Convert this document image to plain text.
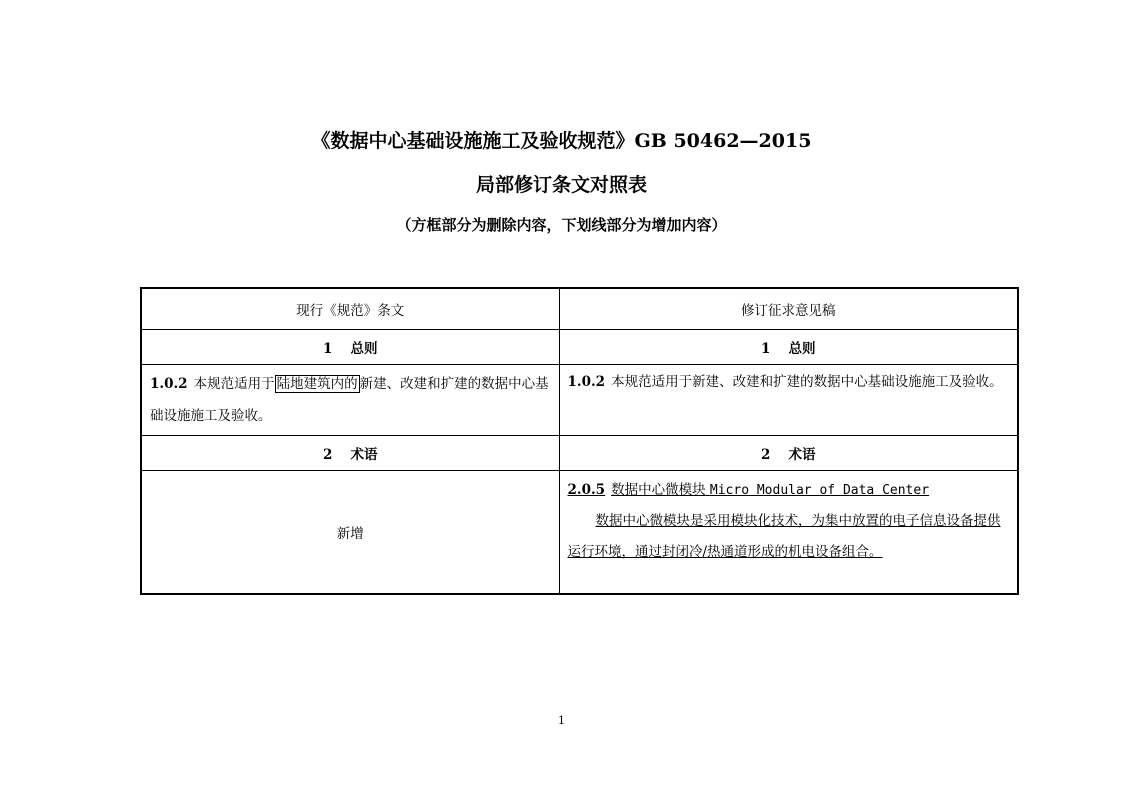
《数据中心基础设施施工及验收规范》GB 50462—2015
局部修订条文对照表
（方框部分为删除内容，下划线部分为增加内容）
现行《规范》条文	修订征求意见稿
1 总则	1 总则
1.0.2 本规范适用于 陆地建筑内的 新建、改建和扩建的数据中心基础设施施工及验收。	1.0.2 本规范适用于新建、改建和扩建的数据中心基础设施施工及验收。
2 术语	2 术语
新增	2.0.5 数据中心微模块 Micro Modular of Data Center
数据中心微模块是采用模块化技术，为集中放置的电子信息设备提供运行环境，通过封闭冷/热通道形成的机电设备组合。
1
